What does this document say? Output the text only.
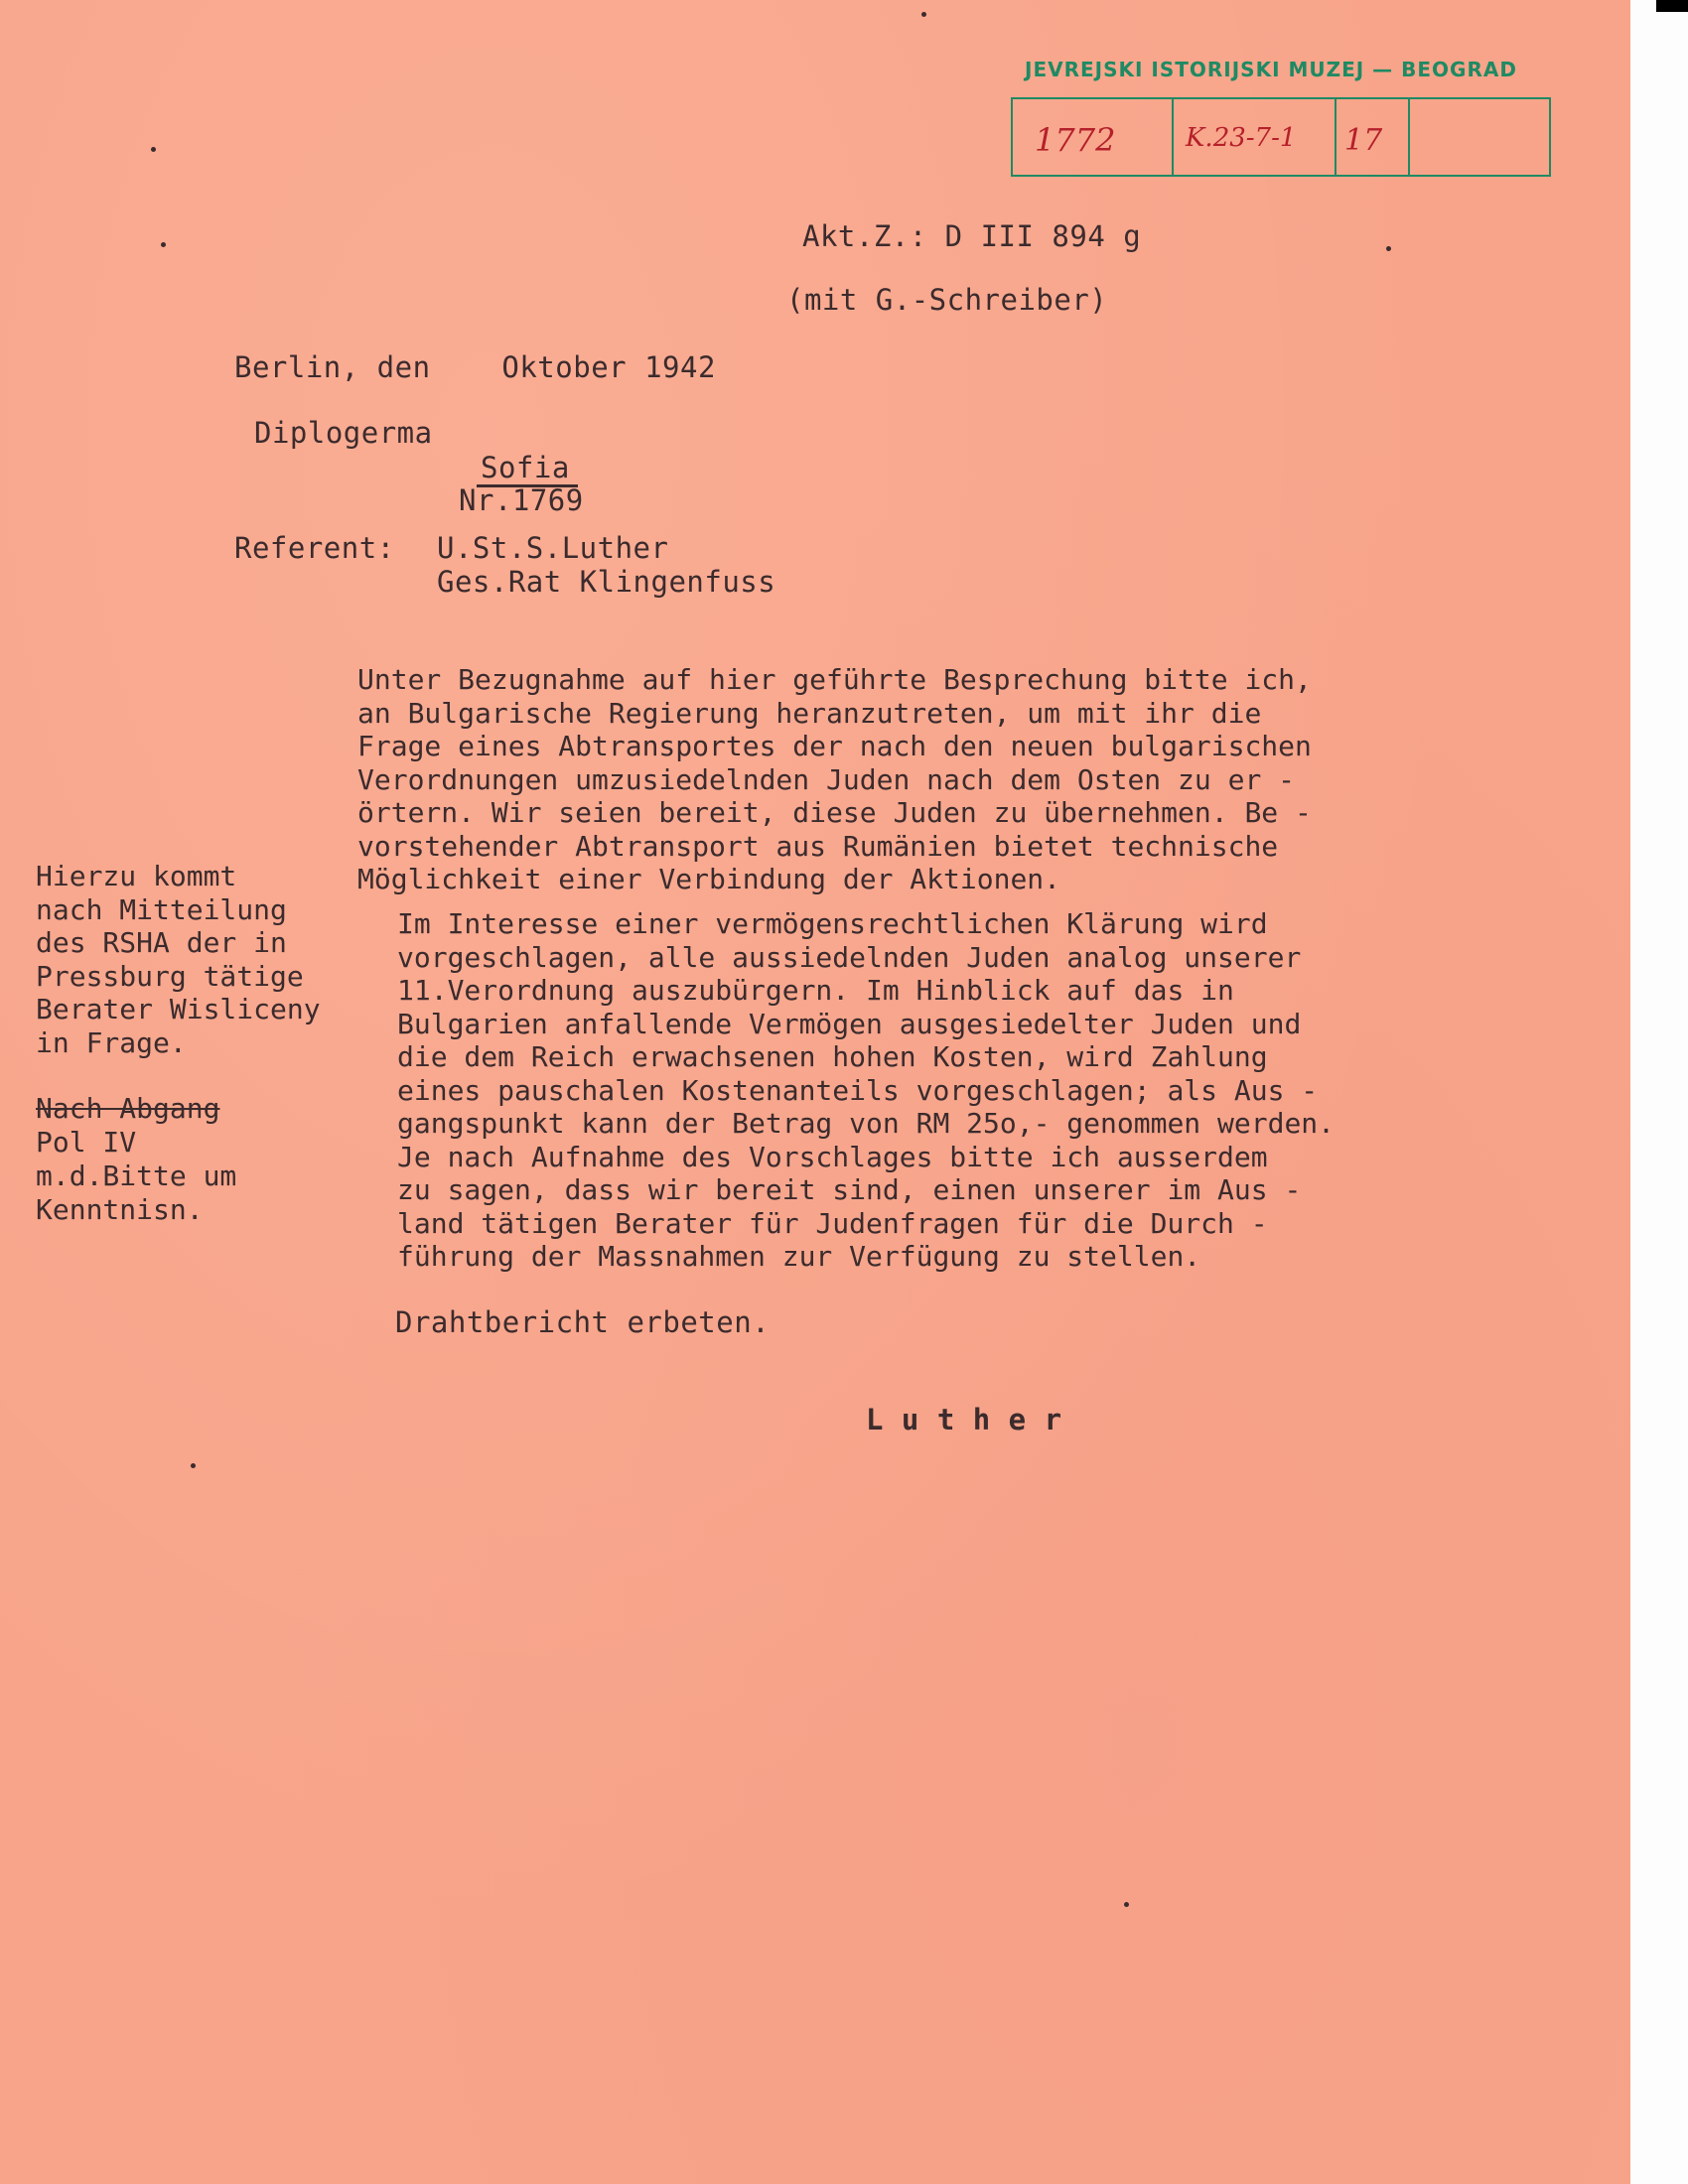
JEVREJSKI ISTORIJSKI MUZEJ — BEOGRAD
1772	K.23-7-1 17
Akt.Z.: D III 894 g
(mit G.-Schreiber)
Berlin, den    Oktober 1942
Diplogerma
Sofia
Nr.1769
Referent: U.St.S.Luther
Ges.Rat Klingenfuss
Hierzu kommt
nach Mitteilung
des RSHA der in
Pressburg tätige
Berater Wisliceny
in Frage.
Nach Abgang
Pol IV
m.d.Bitte um
Kenntnisn.
Unter Bezugnahme auf hier geführte Besprechung bitte ich,
an Bulgarische Regierung heranzutreten, um mit ihr die
Frage eines Abtransportes der nach den neuen bulgarischen
Verordnungen umzusiedelnden Juden nach dem Osten zu er -
örtern. Wir seien bereit, diese Juden zu übernehmen. Be -
vorstehender Abtransport aus Rumänien bietet technische
Möglichkeit einer Verbindung der Aktionen.
Im Interesse einer vermögensrechtlichen Klärung wird
vorgeschlagen, alle aussiedelnden Juden analog unserer
11.Verordnung auszubürgern. Im Hinblick auf das in
Bulgarien anfallende Vermögen ausgesiedelter Juden und
die dem Reich erwachsenen hohen Kosten, wird Zahlung
eines pauschalen Kostenanteils vorgeschlagen; als Aus -
gangspunkt kann der Betrag von RM 25o,- genommen werden.
Je nach Aufnahme des Vorschlages bitte ich ausserdem
zu sagen, dass wir bereit sind, einen unserer im Aus -
land tätigen Berater für Judenfragen für die Durch -
führung der Massnahmen zur Verfügung zu stellen.
Drahtbericht erbeten.
L u t h e r
